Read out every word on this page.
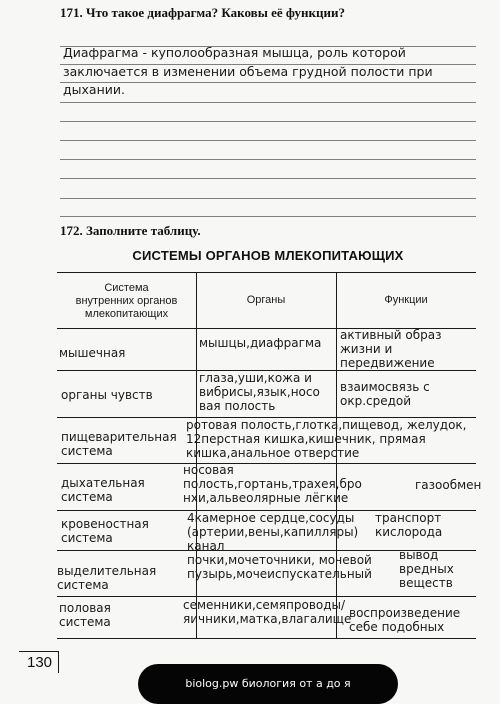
171. Что такое диафрагма? Каковы её функции?
Диафрагма - куполообразная мышца, роль которой
заключается в изменении объема грудной полости при
дыхании.
172. Заполните таблицу.
СИСТЕМЫ ОРГАНОВ МЛЕКОПИТАЮЩИХ
Система
внутренних органов
млекопитающих
Органы	Функции
мышечная
мышцы,диафрагма
активный образ
жизни и
передвижение
органы чувств
глаза,уши,кожа и
вибрисы,язык,носо
вая полость
взаимосвязь с
окр.средой
пищеварительная
система
ротовая полость,глотка,пищевод, желудок,
12перстная кишка,кишечник, прямая
кишка,анальное отверстие
дыхательная
система
носовая
полость,гортань,трахея,бро
нхи,альвеолярные лёгкие
газообмен
кровеностная
система
4камерное сердце,сосуды
(артерии,вены,капилляры)
канал
транспорт
кислорода
выделительная
система
почки,мочеточники, мочевой
пузырь,мочеиспускательный
вывод
вредных
веществ
половая
система
семенники,семяпроводы/
яичники,матка,влагалище
воспроизведение
себе подобных
130
biolog.pw биология от а до я
